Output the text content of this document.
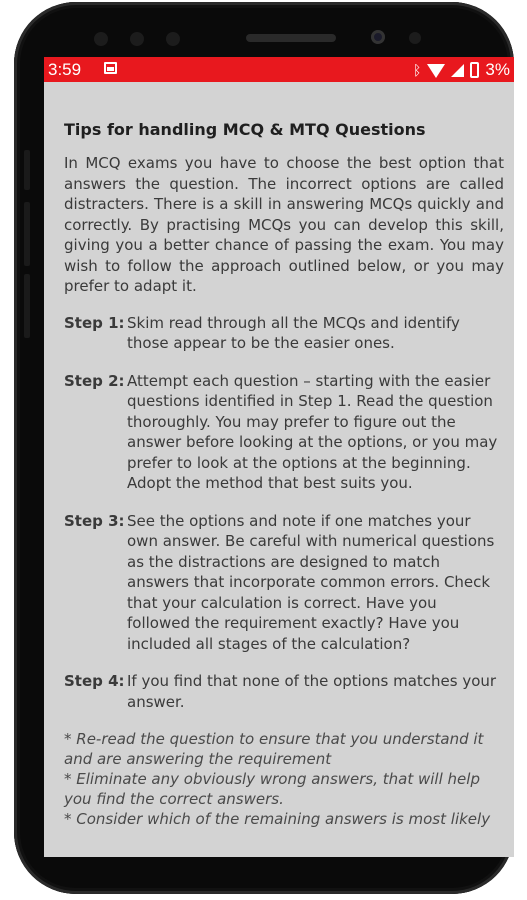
3:59	ᛒ	3%
Tips for handling MCQ & MTQ Questions

In MCQ exams you have to choose the best option that answers the question. The incorrect options are called distracters. There is a skill in answering MCQs quickly and correctly. By practising MCQs you can develop this skill, giving you a better chance of passing the exam. You may wish to follow the approach outlined below, or you may prefer to adapt it.

Step 1: Skim read through all the MCQs and identify those appear to be the easier ones.
Step 2: Attempt each question – starting with the easier questions identified in Step 1. Read the question thoroughly. You may prefer to figure out the answer before looking at the options, or you may prefer to look at the options at the beginning. Adopt the method that best suits you.
Step 3: See the options and note if one matches your own answer. Be careful with numerical questions as the distractions are designed to match answers that incorporate common errors. Check that your calculation is correct. Have you followed the requirement exactly? Have you included all stages of the calculation?
Step 4: If you find that none of the options matches your answer.

* Re-read the question to ensure that you understand it and are answering the requirement

* Eliminate any obviously wrong answers, that will help you find the correct answers.

* Consider which of the remaining answers is most likely
